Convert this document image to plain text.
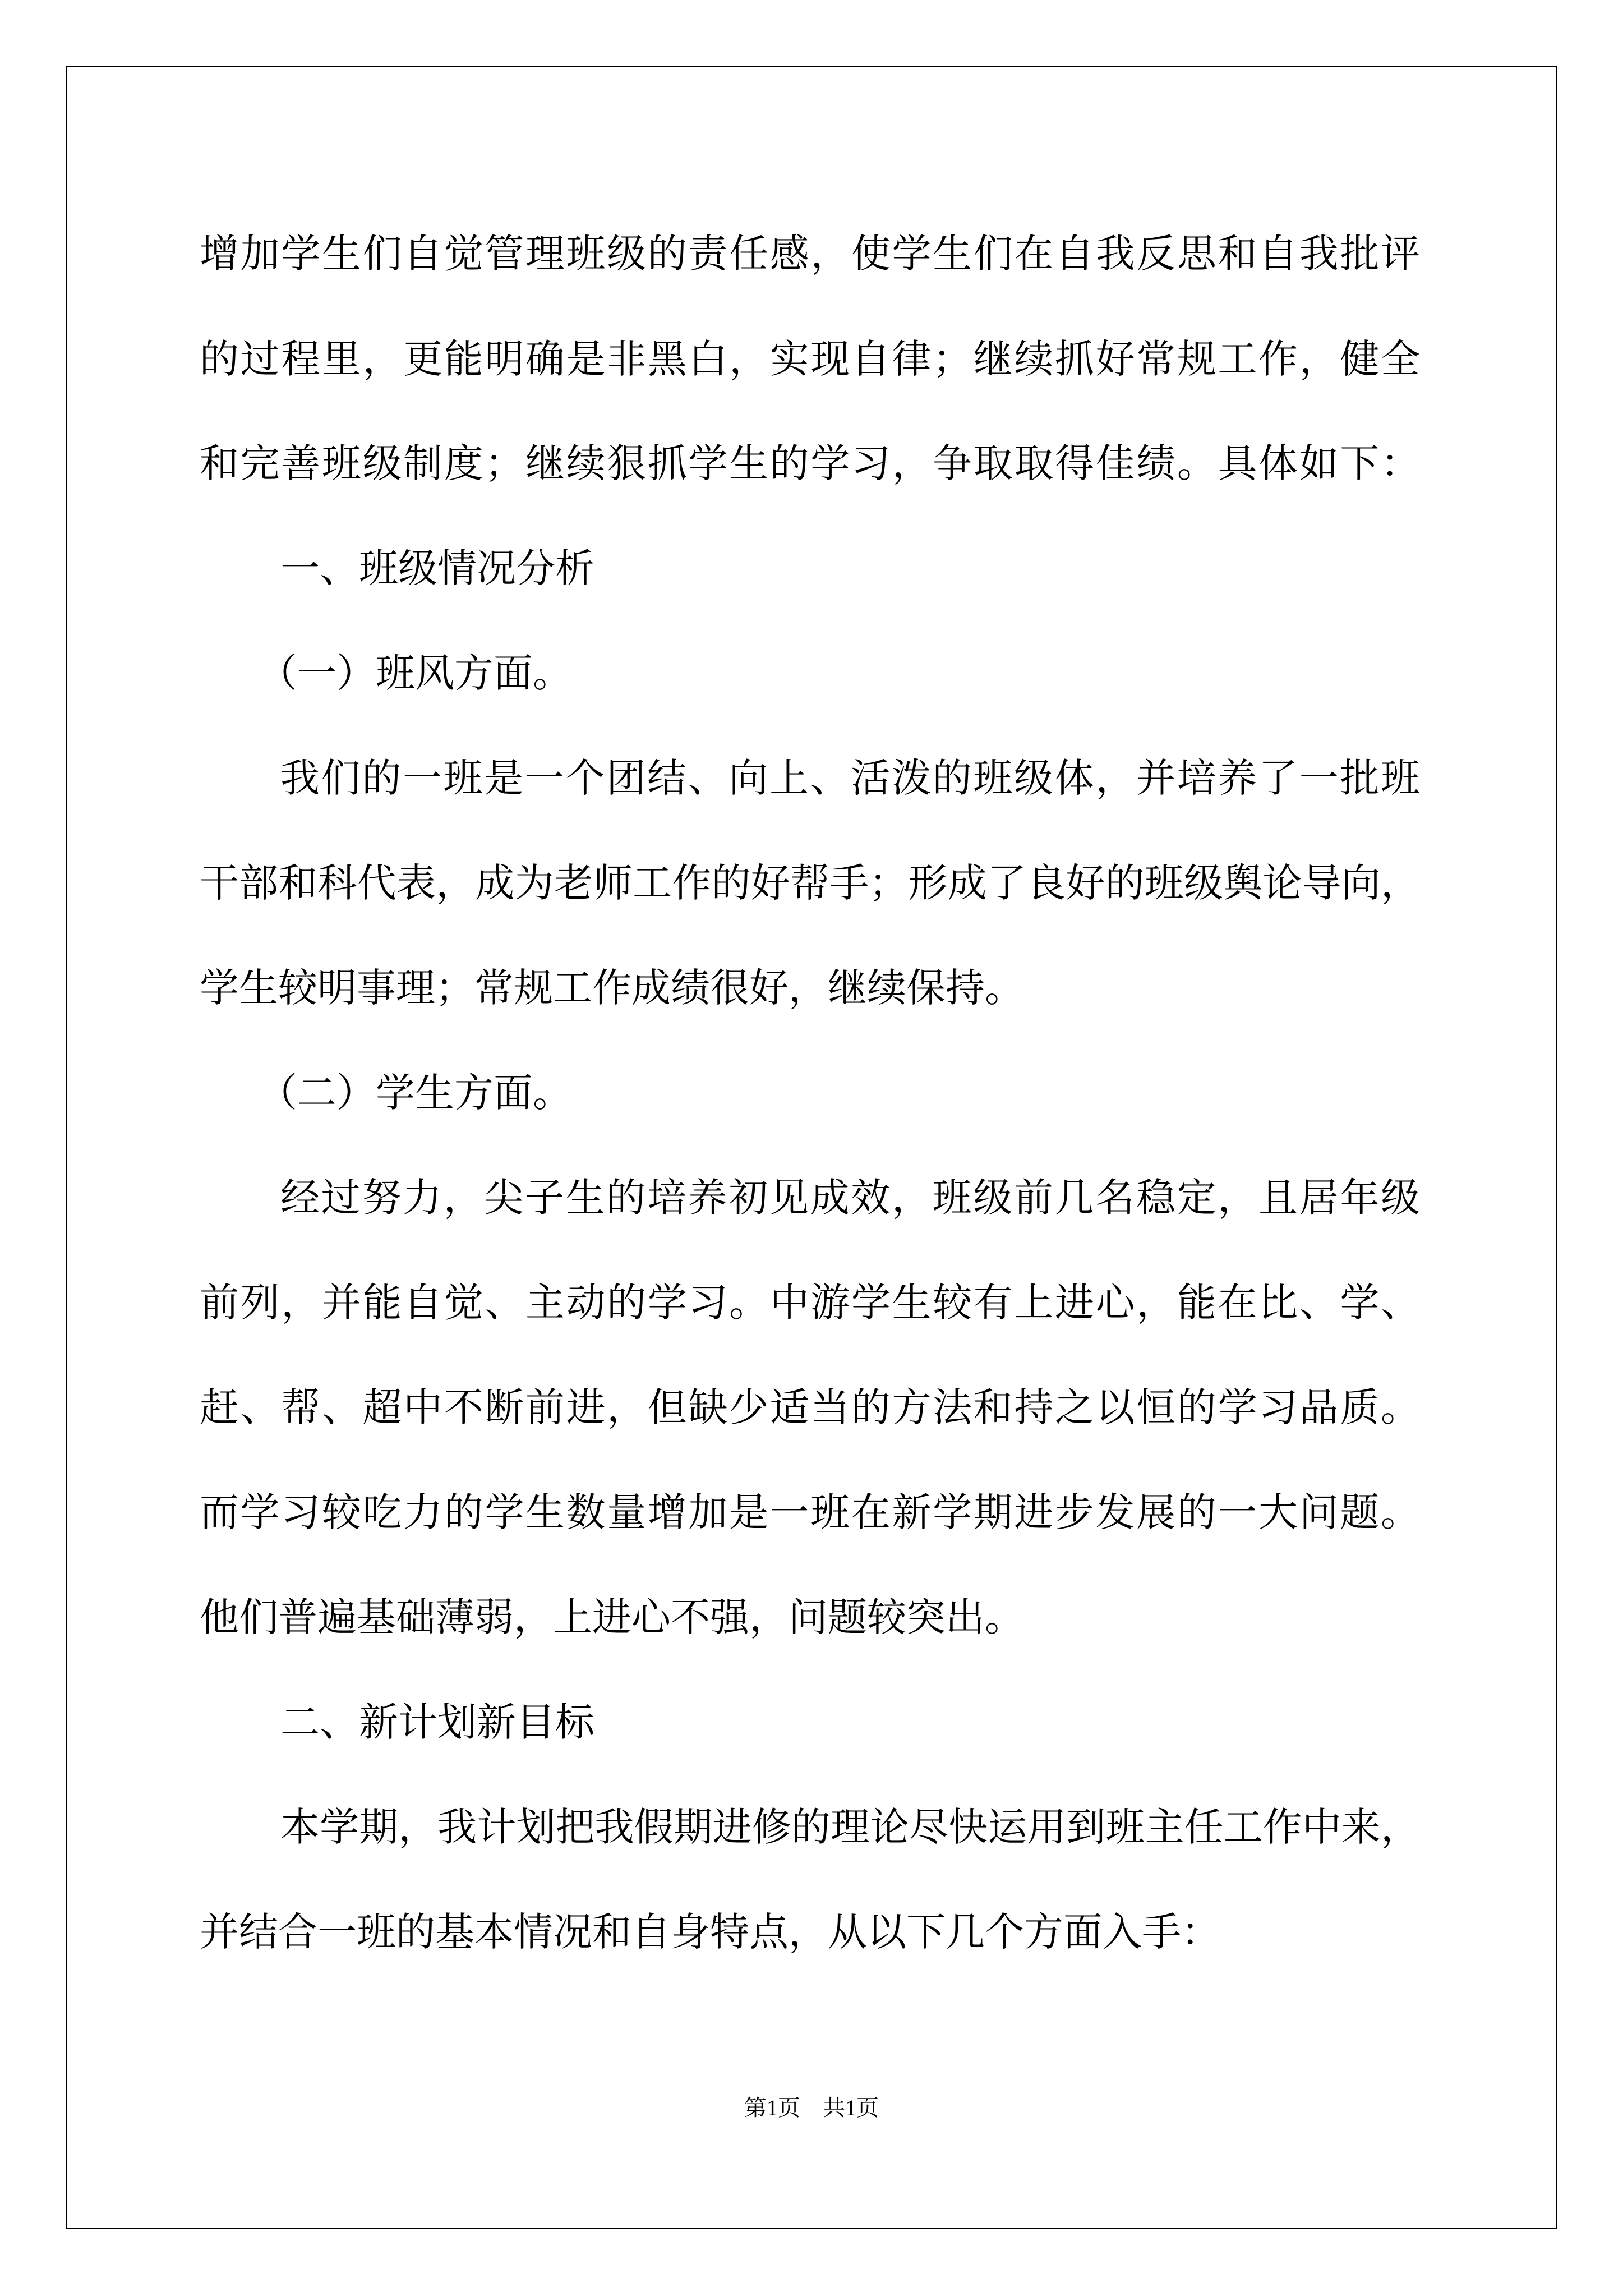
增加学生们自觉管理班级的责任感，使学生们在自我反思和自我批评
的过程里，更能明确是非黑白，实现自律；继续抓好常规工作，健全
和完善班级制度；继续狠抓学生的学习，争取取得佳绩。具体如下：
一、班级情况分析
（一）班风方面。
我们的一班是一个团结、向上、活泼的班级体，并培养了一批班
干部和科代表，成为老师工作的好帮手；形成了良好的班级舆论导向，
学生较明事理；常规工作成绩很好，继续保持。
（二）学生方面。
经过努力，尖子生的培养初见成效，班级前几名稳定，且居年级
前列，并能自觉、主动的学习。中游学生较有上进心，能在比、学、
赶、帮、超中不断前进，但缺少适当的方法和持之以恒的学习品质。
而学习较吃力的学生数量增加是一班在新学期进步发展的一大问题。
他们普遍基础薄弱，上进心不强，问题较突出。
二、新计划新目标
本学期，我计划把我假期进修的理论尽快运用到班主任工作中来，
并结合一班的基本情况和自身特点，从以下几个方面入手：
第1页　共1页
